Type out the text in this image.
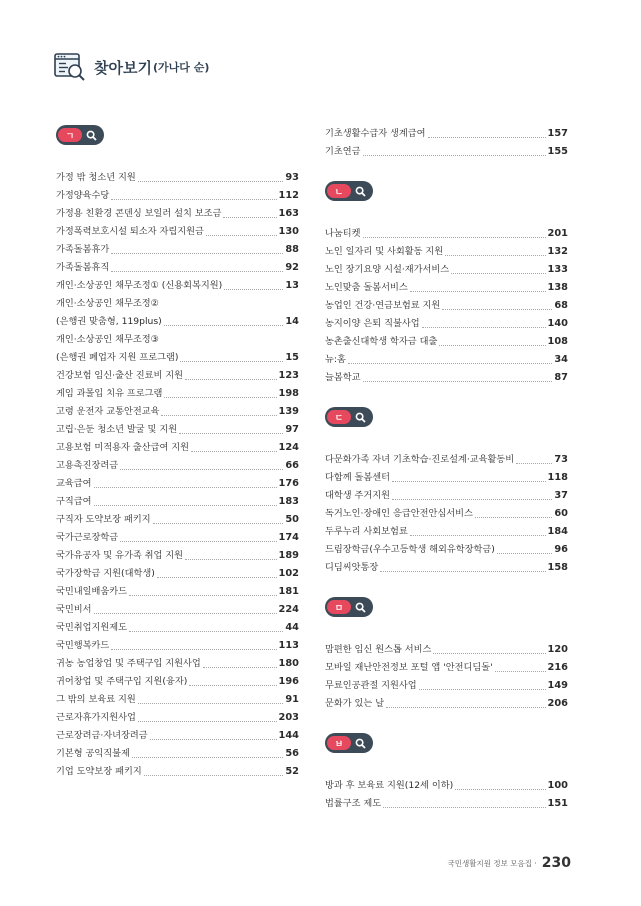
찾아보기 (가나다 순)
ㄱ
가정 밖 청소년 지원	93
가정양육수당	112
가정용 친환경 콘덴싱 보일러 설치 보조금	163
가정폭력보호시설 퇴소자 자립지원금	130
가족돌봄휴가	88
가족돌봄휴직	92
개인·소상공인 채무조정① (신용회복지원)	13
개인·소상공인 채무조정②
(은행권 맞춤형, 119plus)	14
개인·소상공인 채무조정③
(은행권 폐업자 지원 프로그램)	15
건강보험 임신·출산 진료비 지원	123
게임 과몰입 치유 프로그램	198
고령 운전자 교통안전교육	139
고립·은둔 청소년 발굴 및 지원	97
고용보험 미적용자 출산급여 지원	124
고용촉진장려금	66
교육급여	176
구직급여	183
구직자 도약보장 패키지	50
국가근로장학금	174
국가유공자 및 유가족 취업 지원	189
국가장학금 지원(대학생)	102
국민내일배움카드	181
국민비서	224
국민취업지원제도	44
국민행복카드	113
귀농 농업창업 및 주택구입 지원사업	180
귀어창업 및 주택구입 지원(융자)	196
그 밖의 보육료 지원	91
근로자휴가지원사업	203
근로장려금·자녀장려금	144
기본형 공익직불제	56
기업 도약보장 패키지	52
기초생활수급자 생계급여	157
기초연금	155
ㄴ
나눔티켓	201
노인 일자리 및 사회활동 지원	132
노인 장기요양 시설·재가서비스	133
노인맞춤 돌봄서비스	138
농업인 건강·연금보험료 지원	68
농지이양 은퇴 직불사업	140
농촌출신대학생 학자금 대출	108
뉴:홈	34
늘봄학교	87
ㄷ
다문화가족 자녀 기초학습·진로설계·교육활동비	73
다함께 돌봄센터	118
대학생 주거지원	37
독거노인·장애인 응급안전안심서비스	60
두루누리 사회보험료	184
드림장학금(우수고등학생 해외유학장학금)	96
디딤씨앗통장	158
ㅁ
맘편한 임신 원스톱 서비스	120
모바일 재난안전정보 포털 앱 '안전디딤돌'	216
무료인공관절 지원사업	149
문화가 있는 날	206
ㅂ
방과 후 보육료 지원(12세 이하)	100
법률구조 제도	151
국민생활지원 정보 모음집 · 230
